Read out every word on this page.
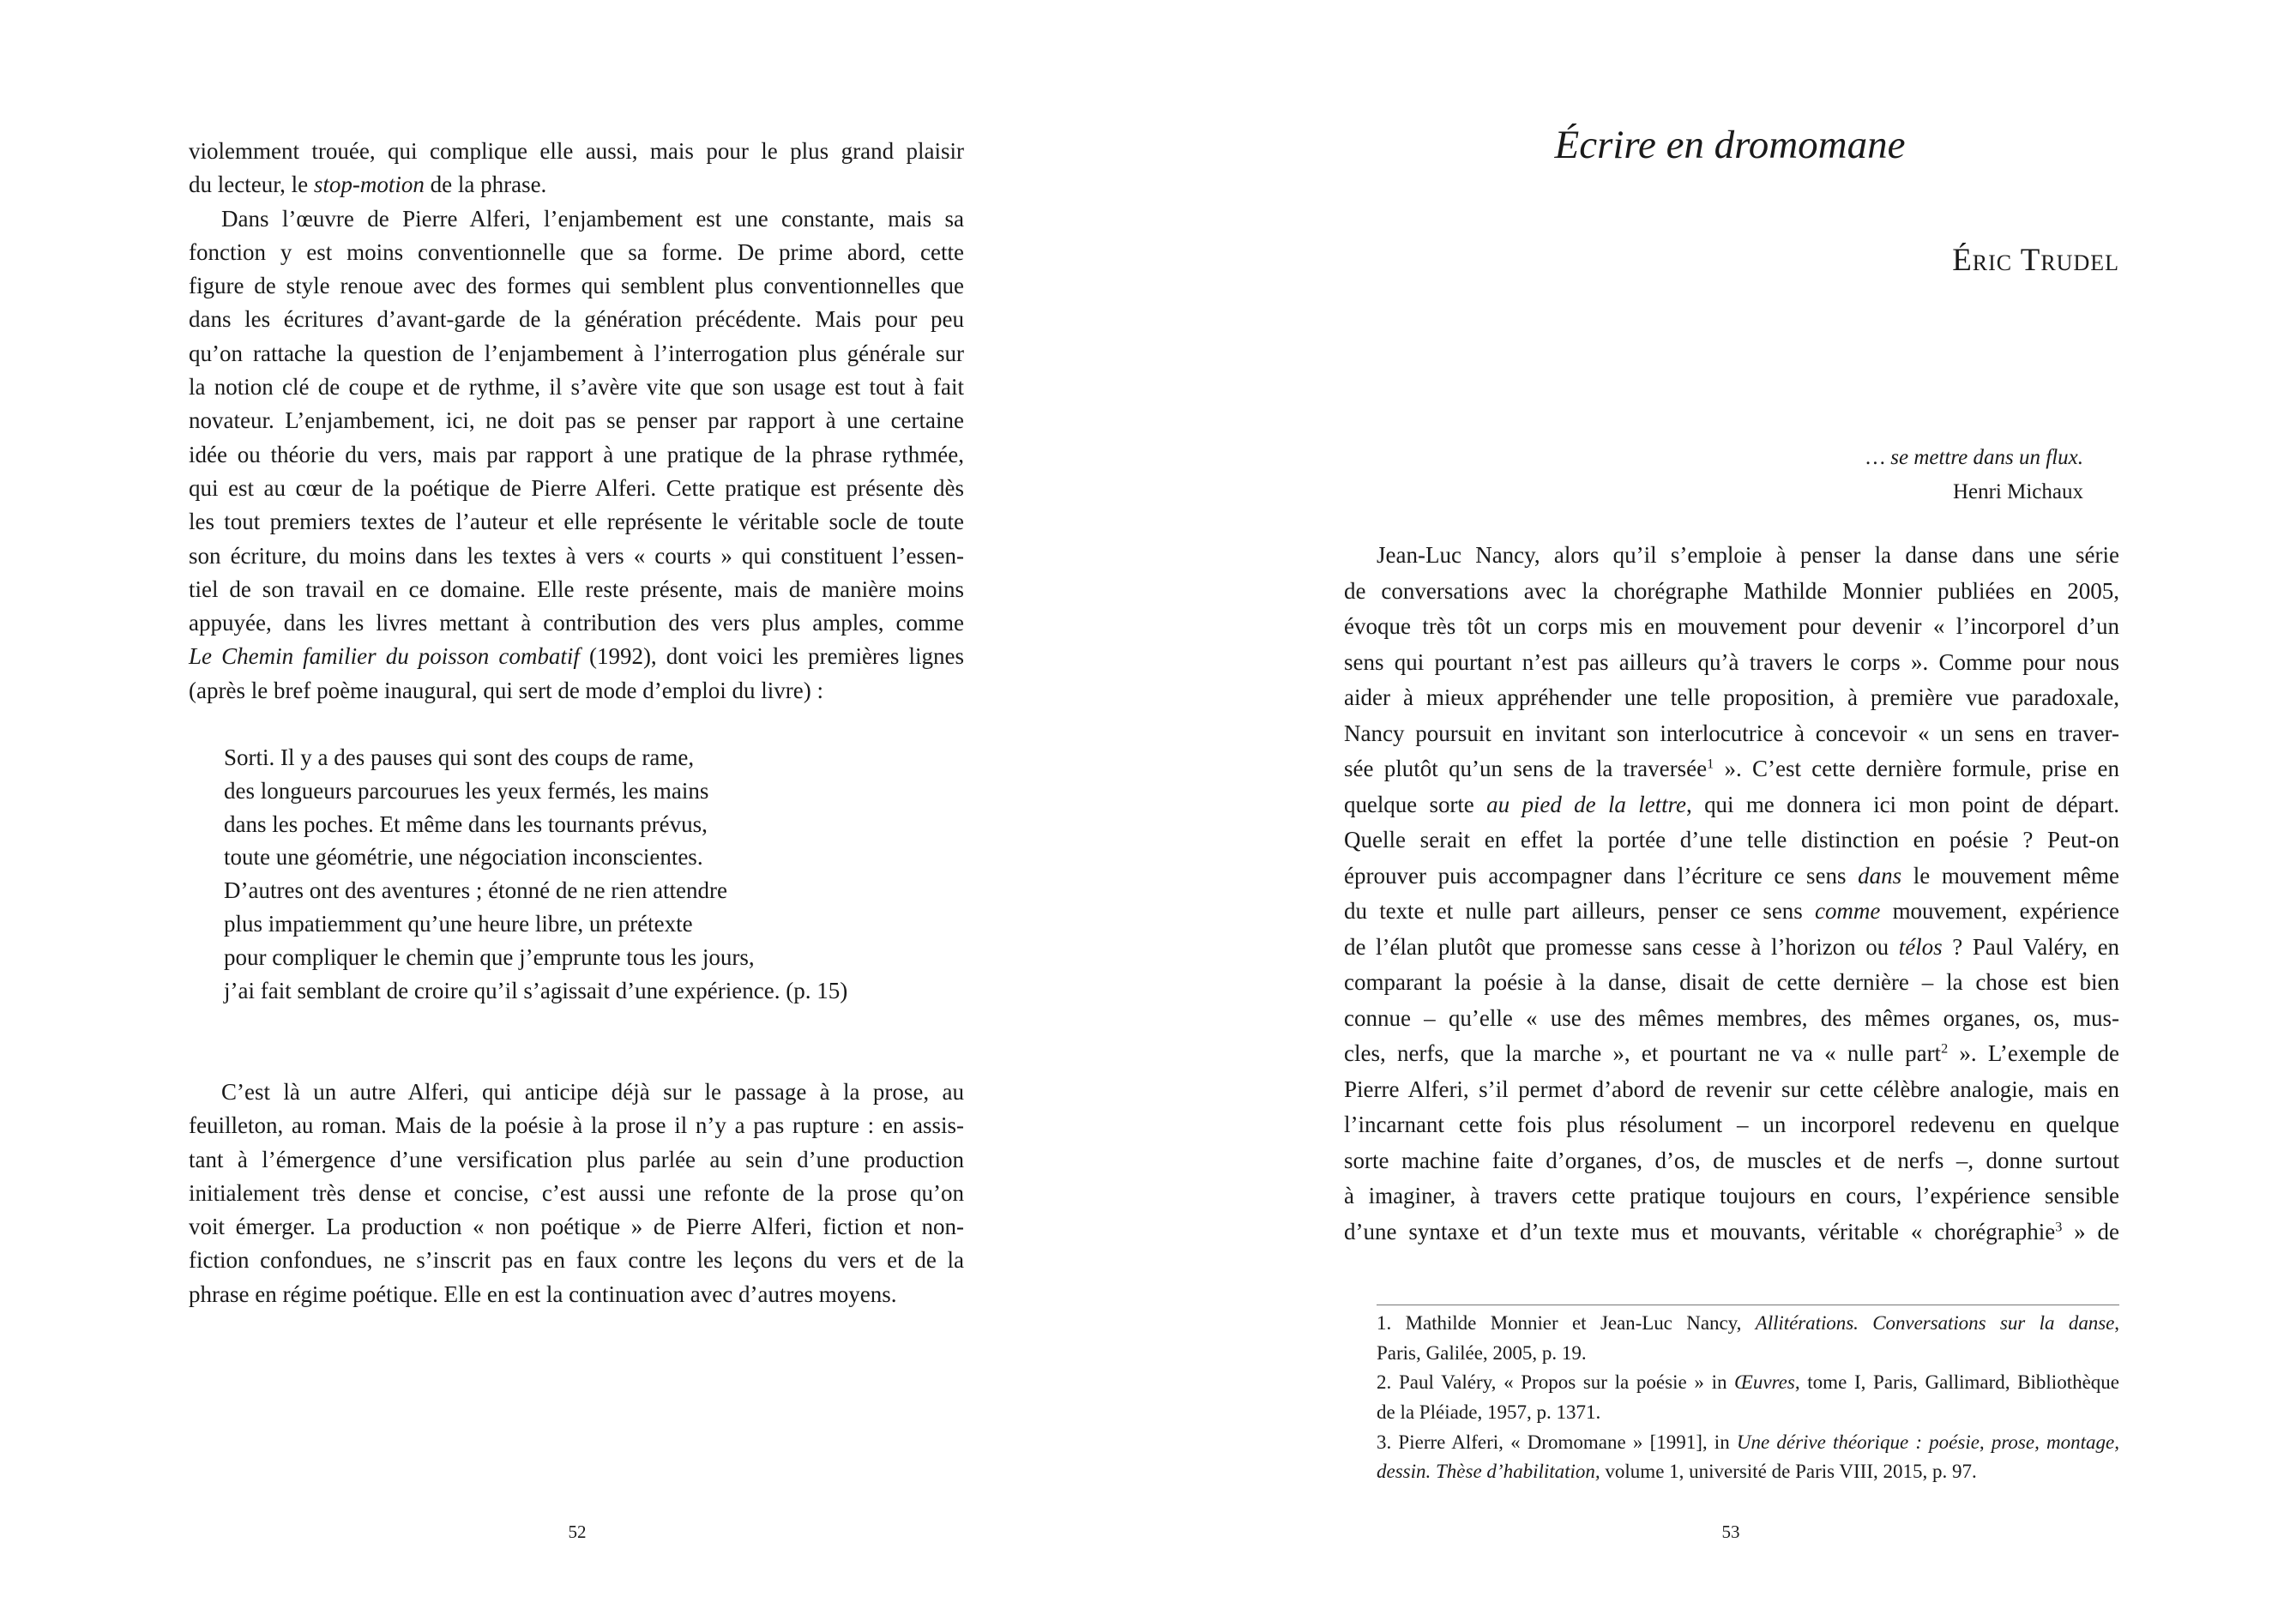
violemment trouée, qui complique elle aussi, mais pour le plus grand plaisir
du lecteur, le stop-motion de la phrase.
Dans l’œuvre de Pierre Alferi, l’enjambement est une constante, mais sa
fonction y est moins conventionnelle que sa forme. De prime abord, cette
figure de style renoue avec des formes qui semblent plus conventionnelles que
dans les écritures d’avant-garde de la génération précédente. Mais pour peu
qu’on rattache la question de l’enjambement à l’interrogation plus générale sur
la notion clé de coupe et de rythme, il s’avère vite que son usage est tout à fait
novateur. L’enjambement, ici, ne doit pas se penser par rapport à une certaine
idée ou théorie du vers, mais par rapport à une pratique de la phrase rythmée,
qui est au cœur de la poétique de Pierre Alferi. Cette pratique est présente dès
les tout premiers textes de l’auteur et elle représente le véritable socle de toute
son écriture, du moins dans les textes à vers « courts » qui constituent l’essen-
tiel de son travail en ce domaine. Elle reste présente, mais de manière moins
appuyée, dans les livres mettant à contribution des vers plus amples, comme
Le Chemin familier du poisson combatif (1992), dont voici les premières lignes
(après le bref poème inaugural, qui sert de mode d’emploi du livre) :
Sorti. Il y a des pauses qui sont des coups de rame,
des longueurs parcourues les yeux fermés, les mains
dans les poches. Et même dans les tournants prévus,
toute une géométrie, une négociation inconscientes.
D’autres ont des aventures ; étonné de ne rien attendre
plus impatiemment qu’une heure libre, un prétexte
pour compliquer le chemin que j’emprunte tous les jours,
j’ai fait semblant de croire qu’il s’agissait d’une expérience. (p. 15)
C’est là un autre Alferi, qui anticipe déjà sur le passage à la prose, au
feuilleton, au roman. Mais de la poésie à la prose il n’y a pas rupture : en assis-
tant à l’émergence d’une versification plus parlée au sein d’une production
initialement très dense et concise, c’est aussi une refonte de la prose qu’on
voit émerger. La production « non poétique » de Pierre Alferi, fiction et non-
fiction confondues, ne s’inscrit pas en faux contre les leçons du vers et de la
phrase en régime poétique. Elle en est la continuation avec d’autres moyens.
52
Écrire en dromomane
Éric Trudel
… se mettre dans un flux.
Henri Michaux
Jean-Luc Nancy, alors qu’il s’emploie à penser la danse dans une série
de conversations avec la chorégraphe Mathilde Monnier publiées en 2005,
évoque très tôt un corps mis en mouvement pour devenir « l’incorporel d’un
sens qui pourtant n’est pas ailleurs qu’à travers le corps ». Comme pour nous
aider à mieux appréhender une telle proposition, à première vue paradoxale,
Nancy poursuit en invitant son interlocutrice à concevoir « un sens en traver-
sée plutôt qu’un sens de la traversée$^1$ ». C’est cette dernière formule, prise en
quelque sorte au pied de la lettre, qui me donnera ici mon point de départ.
Quelle serait en effet la portée d’une telle distinction en poésie ? Peut-on
éprouver puis accompagner dans l’écriture ce sens dans le mouvement même
du texte et nulle part ailleurs, penser ce sens comme mouvement, expérience
de l’élan plutôt que promesse sans cesse à l’horizon ou télos ? Paul Valéry, en
comparant la poésie à la danse, disait de cette dernière – la chose est bien
connue – qu’elle « use des mêmes membres, des mêmes organes, os, mus-
cles, nerfs, que la marche », et pourtant ne va « nulle part$^2$ ». L’exemple de
Pierre Alferi, s’il permet d’abord de revenir sur cette célèbre analogie, mais en
l’incarnant cette fois plus résolument – un incorporel redevenu en quelque
sorte machine faite d’organes, d’os, de muscles et de nerfs –, donne surtout
à imaginer, à travers cette pratique toujours en cours, l’expérience sensible
d’une syntaxe et d’un texte mus et mouvants, véritable « chorégraphie$^3$ » de
1. Mathilde Monnier et Jean-Luc Nancy, Allitérations. Conversations sur la danse,
Paris, Galilée, 2005, p. 19.
2. Paul Valéry, « Propos sur la poésie » in Œuvres, tome I, Paris, Gallimard, Bibliothèque
de la Pléiade, 1957, p. 1371.
3. Pierre Alferi, « Dromomane » [1991], in Une dérive théorique : poésie, prose, montage,
dessin. Thèse d’habilitation, volume 1, université de Paris VIII, 2015, p. 97.
53
